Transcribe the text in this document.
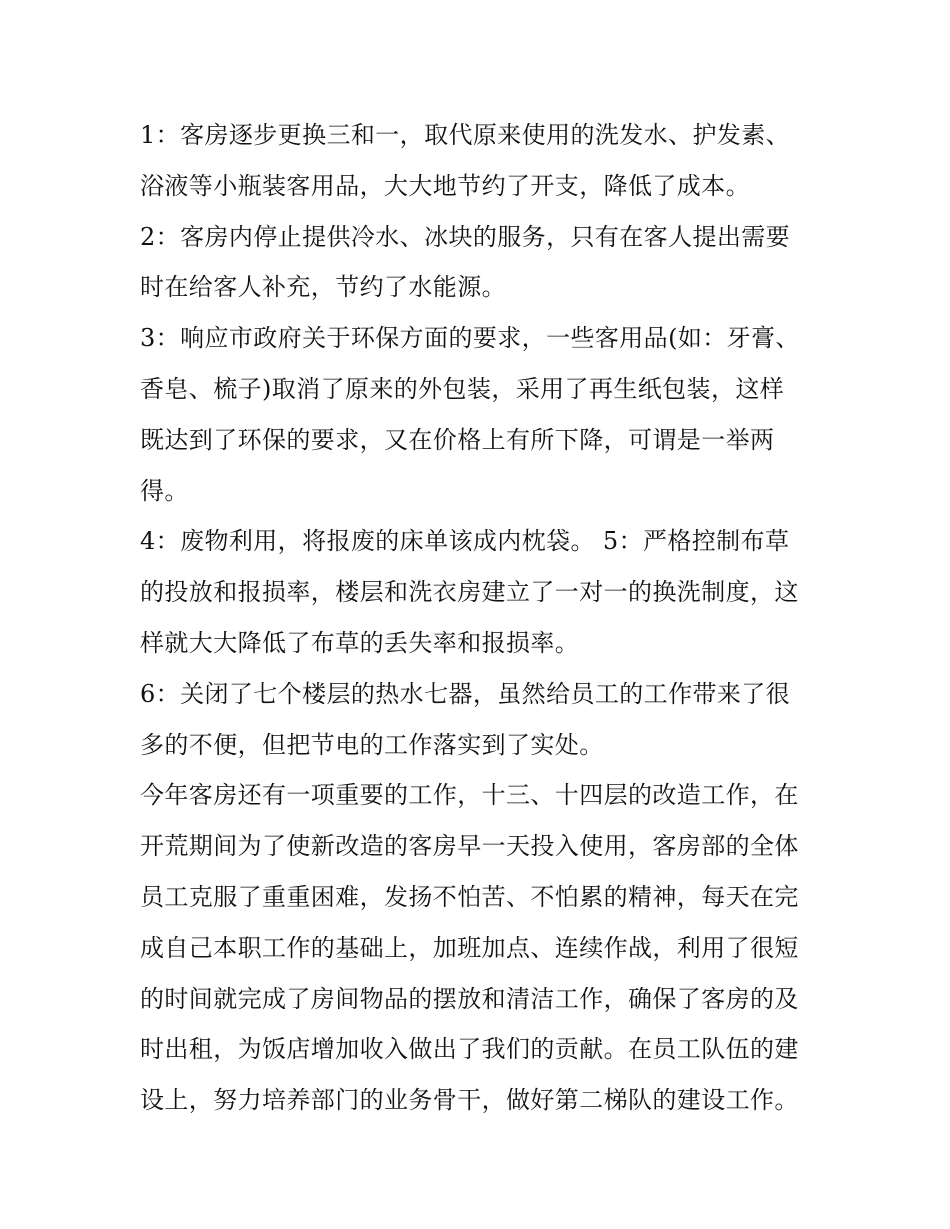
1：客房逐步更换三和一，取代原来使用的洗发水、护发素、
浴液等小瓶装客用品，大大地节约了开支，降低了成本。
2：客房内停止提供冷水、冰块的服务，只有在客人提出需要
时在给客人补充，节约了水能源。
3：响应市政府关于环保方面的要求，一些客用品(如：牙膏、
香皂、梳子)取消了原来的外包装，采用了再生纸包装，这样
既达到了环保的要求，又在价格上有所下降，可谓是一举两
得。
4：废物利用，将报废的床单该成内枕袋。 5：严格控制布草
的投放和报损率，楼层和洗衣房建立了一对一的换洗制度，这
样就大大降低了布草的丢失率和报损率。
6：关闭了七个楼层的热水七器，虽然给员工的工作带来了很
多的不便，但把节电的工作落实到了实处。
今年客房还有一项重要的工作，十三、十四层的改造工作，在
开荒期间为了使新改造的客房早一天投入使用，客房部的全体
员工克服了重重困难，发扬不怕苦、不怕累的精神，每天在完
成自己本职工作的基础上，加班加点、连续作战，利用了很短
的时间就完成了房间物品的摆放和清洁工作，确保了客房的及
时出租，为饭店增加收入做出了我们的贡献。在员工队伍的建
设上，努力培养部门的业务骨干，做好第二梯队的建设工作。
